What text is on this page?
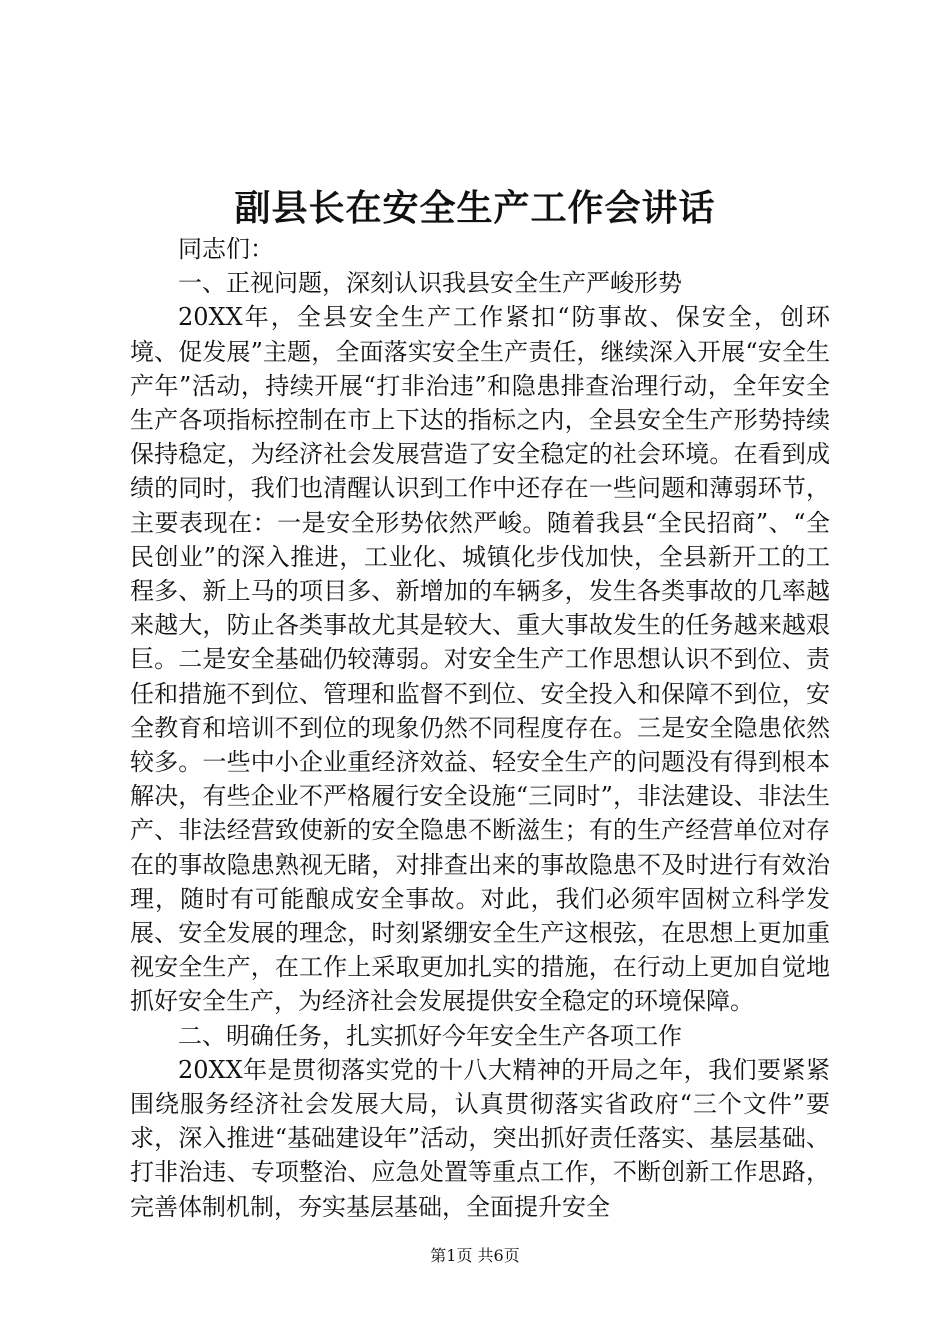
副县长在安全生产工作会讲话

同志们：

一、正视问题，深刻认识我县安全生产严峻形势

20XX年，全县安全生产工作紧扣“防事故、保安全，创环境、促发展”主题，全面落实安全生产责任，继续深入开展“安全生产年”活动，持续开展“打非治违”和隐患排查治理行动，全年安全生产各项指标控制在市上下达的指标之内，全县安全生产形势持续保持稳定，为经济社会发展营造了安全稳定的社会环境。在看到成绩的同时，我们也清醒认识到工作中还存在一些问题和薄弱环节，主要表现在：一是安全形势依然严峻。随着我县“全民招商”、“全民创业”的深入推进，工业化、城镇化步伐加快，全县新开工的工程多、新上马的项目多、新增加的车辆多，发生各类事故的几率越来越大，防止各类事故尤其是较大、重大事故发生的任务越来越艰巨。二是安全基础仍较薄弱。对安全生产工作思想认识不到位、责任和措施不到位、管理和监督不到位、安全投入和保障不到位，安全教育和培训不到位的现象仍然不同程度存在。三是安全隐患依然较多。一些中小企业重经济效益、轻安全生产的问题没有得到根本解决，有些企业不严格履行安全设施“三同时”，非法建设、非法生产、非法经营致使新的安全隐患不断滋生；有的生产经营单位对存在的事故隐患熟视无睹，对排查出来的事故隐患不及时进行有效治理，随时有可能酿成安全事故。对此，我们必须牢固树立科学发展、安全发展的理念，时刻紧绷安全生产这根弦，在思想上更加重视安全生产，在工作上采取更加扎实的措施，在行动上更加自觉地抓好安全生产，为经济社会发展提供安全稳定的环境保障。

二、明确任务，扎实抓好今年安全生产各项工作

20XX年是贯彻落实党的十八大精神的开局之年，我们要紧紧围绕服务经济社会发展大局，认真贯彻落实省政府“三个文件”要求，深入推进“基础建设年”活动，突出抓好责任落实、基层基础、打非治违、专项整治、应急处置等重点工作，不断创新工作思路，完善体制机制，夯实基层基础，全面提升安全

第1页 共6页
